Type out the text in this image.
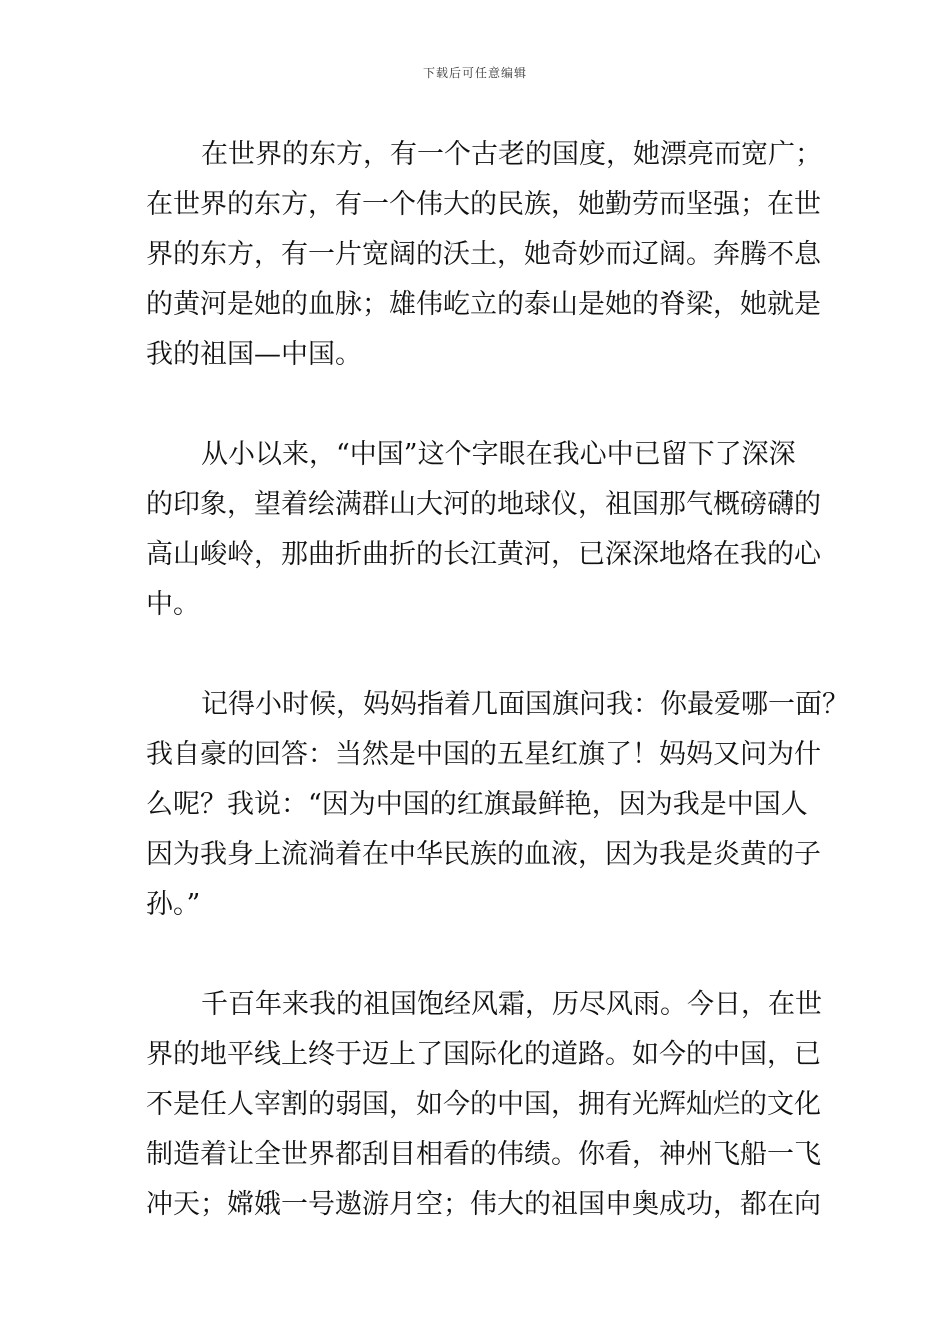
下载后可任意编辑

在世界的东方，有一个古老的国度，她漂亮而宽广；
在世界的东方，有一个伟大的民族，她勤劳而坚强；在世
界的东方，有一片宽阔的沃土，她奇妙而辽阔。奔腾不息
的黄河是她的血脉；雄伟屹立的泰山是她的脊梁，她就是
我的祖国—中国。

从小以来，“中国”这个字眼在我心中已留下了深深
的印象，望着绘满群山大河的地球仪，祖国那气概磅礴的
高山峻岭，那曲折曲折的长江黄河，已深深地烙在我的心
中。

记得小时候，妈妈指着几面国旗问我：你最爱哪一面？
我自豪的回答：当然是中国的五星红旗了！妈妈又问为什
么呢？我说：“因为中国的红旗最鲜艳，因为我是中国人
因为我身上流淌着在中华民族的血液，因为我是炎黄的子
孙。”

千百年来我的祖国饱经风霜，历尽风雨。今日，在世
界的地平线上终于迈上了国际化的道路。如今的中国，已
不是任人宰割的弱国，如今的中国，拥有光辉灿烂的文化
制造着让全世界都刮目相看的伟绩。你看，神州飞船一飞
冲天；嫦娥一号遨游月空；伟大的祖国申奥成功，都在向
